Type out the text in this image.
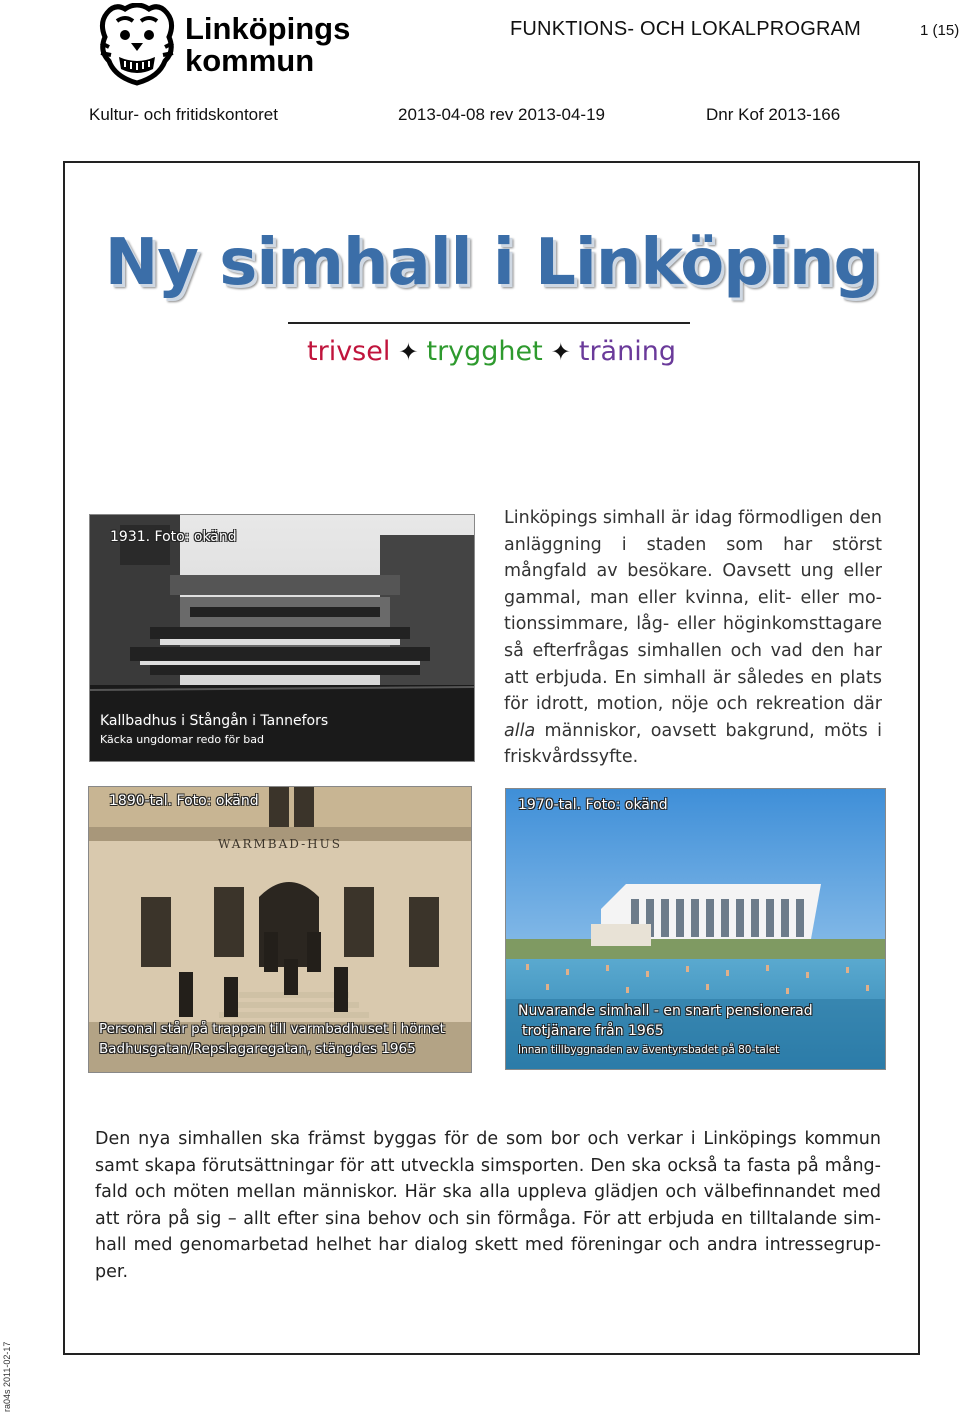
Linköpings
kommun
FUNKTIONS- OCH LOKALPROGRAM	1 (15)
Kultur- och fritidskontoret	2013-04-08 rev 2013-04-19	Dnr Kof 2013-166
Ny simhall i Linköping
trivsel ✦ trygghet ✦ träning
1931. Foto: okänd
Kallbadhus i Stångån i Tannefors
Käcka ungdomar redo för bad
Linköpings simhall är idag förmodligen den anläggning i staden som har störst mångfald av besökare. Oavsett ung eller gammal, man eller kvinna, elit- eller motionssimmare, låg- eller höginkomsttagare så efterfrågas simhallen och vad den har att erbjuda. En simhall är således en plats för idrott, motion, nöje och rekreation där alla människor, oavsett bakgrund, möts i friskvårdssyfte.
WARMBAD-HUS
1890-tal. Foto: okänd
Personal står på trappan till varmbadhuset i hörnet
Badhusgatan/Repslagaregatan, stängdes 1965
1970-tal. Foto: okänd
Nuvarande simhall - en snart pensionerad
trotjänare från 1965
Innan tillbyggnaden av äventyrsbadet på 80-talet
Den nya simhallen ska främst byggas för de som bor och verkar i Linköpings kommun samt skapa förutsättningar för att utveckla simsporten. Den ska också ta fasta på mångfald och möten mellan människor. Här ska alla uppleva glädjen och välbefinnandet med att röra på sig – allt efter sina behov och sin förmåga. För att erbjuda en tilltalande simhall med genomarbetad helhet har dialog skett med föreningar och andra intressegrupper.
ra04s 2011-02-17
